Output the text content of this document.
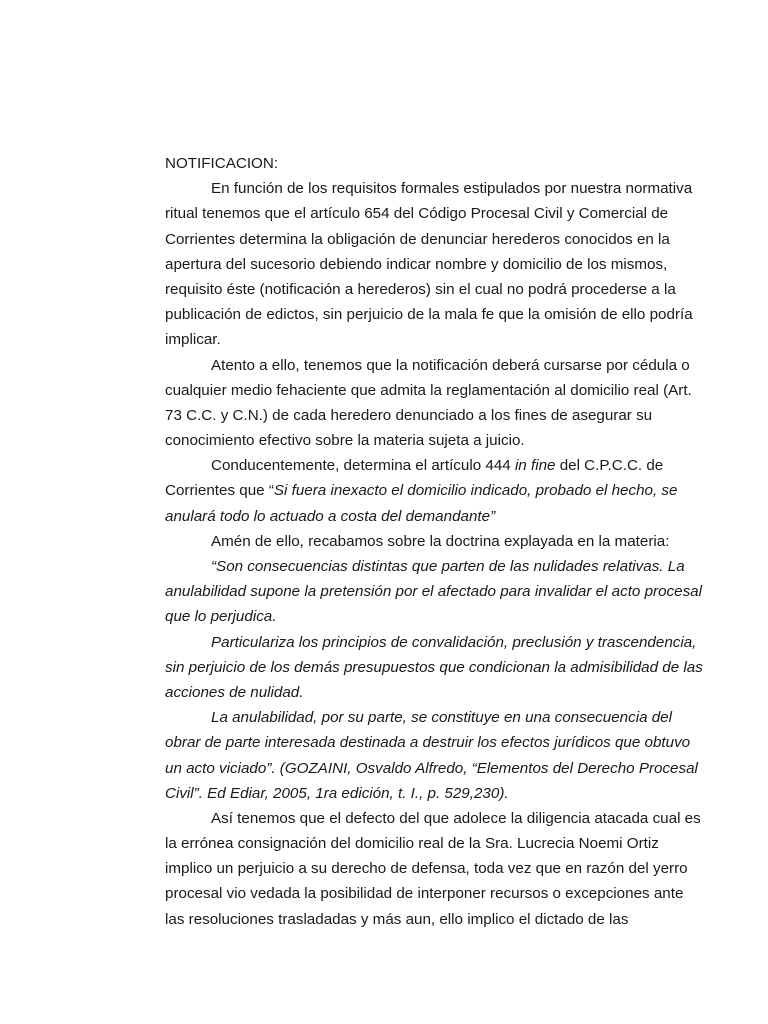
NOTIFICACION:
En función de los requisitos formales estipulados por nuestra normativa
ritual tenemos que el artículo 654 del Código Procesal Civil y Comercial de
Corrientes determina la obligación de denunciar herederos conocidos en la
apertura del sucesorio debiendo indicar nombre y domicilio de los mismos,
requisito éste (notificación a herederos) sin el cual no podrá procederse a la
publicación de edictos, sin perjuicio de la mala fe que la omisión de ello podría
implicar.
Atento a ello, tenemos que la notificación deberá cursarse por cédula o
cualquier medio fehaciente que admita la reglamentación al domicilio real (Art.
73 C.C. y C.N.) de cada heredero denunciado a los fines de asegurar su
conocimiento efectivo sobre la materia sujeta a juicio.
Conducentemente, determina el artículo 444 in fine del C.P.C.C. de
Corrientes que “Si fuera inexacto el domicilio indicado, probado el hecho, se
anulará todo lo actuado a costa del demandante”
Amén de ello, recabamos sobre la doctrina explayada en la materia:
“Son consecuencias distintas que parten de las nulidades relativas. La
anulabilidad supone la pretensión por el afectado para invalidar el acto procesal
que lo perjudica.
Particulariza los principios de convalidación, preclusión y trascendencia,
sin perjuicio de los demás presupuestos que condicionan la admisibilidad de las
acciones de nulidad.
La anulabilidad, por su parte, se constituye en una consecuencia del
obrar de parte interesada destinada a destruir los efectos jurídicos que obtuvo
un acto viciado”. (GOZAINI, Osvaldo Alfredo, “Elementos del Derecho Procesal
Civil”. Ed Ediar, 2005, 1ra edición, t. I., p. 529,230).
Así tenemos que el defecto del que adolece la diligencia atacada cual es
la errónea consignación del domicilio real de la Sra. Lucrecia Noemi Ortiz
implico un perjuicio a su derecho de defensa, toda vez que en razón del yerro
procesal vio vedada la posibilidad de interponer recursos o excepciones ante
las resoluciones trasladadas y más aun, ello implico el dictado de las
